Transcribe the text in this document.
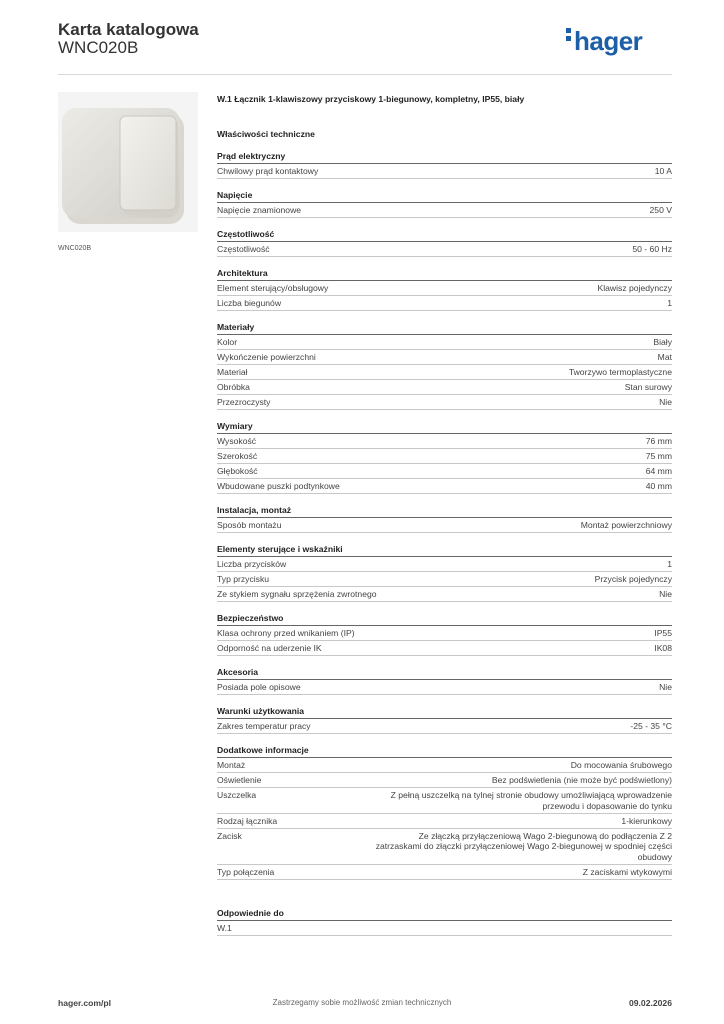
Karta katalogowa
WNC020B	hager
WNC020B
W.1 Łącznik 1-klawiszowy przyciskowy 1-biegunowy, kompletny, IP55, biały
Właściwości techniczne
Prąd elektryczny
Chwilowy prąd kontaktowy	10 A
Napięcie
Napięcie znamionowe	250 V
Częstotliwość
Częstotliwość	50 - 60 Hz
Architektura
Element sterujący/obsługowy	Klawisz pojedynczy
Liczba biegunów	1
Materiały
Kolor	Biały
Wykończenie powierzchni	Mat
Materiał	Tworzywo termoplastyczne
Obróbka	Stan surowy
Przezroczysty	Nie
Wymiary
Wysokość	76 mm
Szerokość	75 mm
Głębokość	64 mm
Wbudowane puszki podtynkowe	40 mm
Instalacja, montaż
Sposób montażu	Montaż powierzchniowy
Elementy sterujące i wskaźniki
Liczba przycisków	1
Typ przycisku	Przycisk pojedynczy
Ze stykiem sygnału sprzężenia zwrotnego	Nie
Bezpieczeństwo
Klasa ochrony przed wnikaniem (IP)	IP55
Odporność na uderzenie IK	IK08
Akcesoria
Posiada pole opisowe	Nie
Warunki użytkowania
Zakres temperatur pracy	-25 - 35 °C
Dodatkowe informacje
Montaż	Do mocowania śrubowego
Oświetlenie	Bez podświetlenia (nie może być podświetlony)
Uszczelka	Z pełną uszczelką na tylnej stronie obudowy umożliwiającą wprowadzenie przewodu i dopasowanie do tynku
Rodzaj łącznika	1-kierunkowy
Zacisk	Ze złączką przyłączeniową Wago 2-biegunową do podłączenia Z 2 zatrzaskami do złączki przyłączeniowej Wago 2-biegunowej w spodniej części obudowy
Typ połączenia	Z zaciskami wtykowymi
Odpowiednie do
W.1
hager.com/pl	Zastrzegamy sobie możliwość zmian technicznych	09.02.2026
